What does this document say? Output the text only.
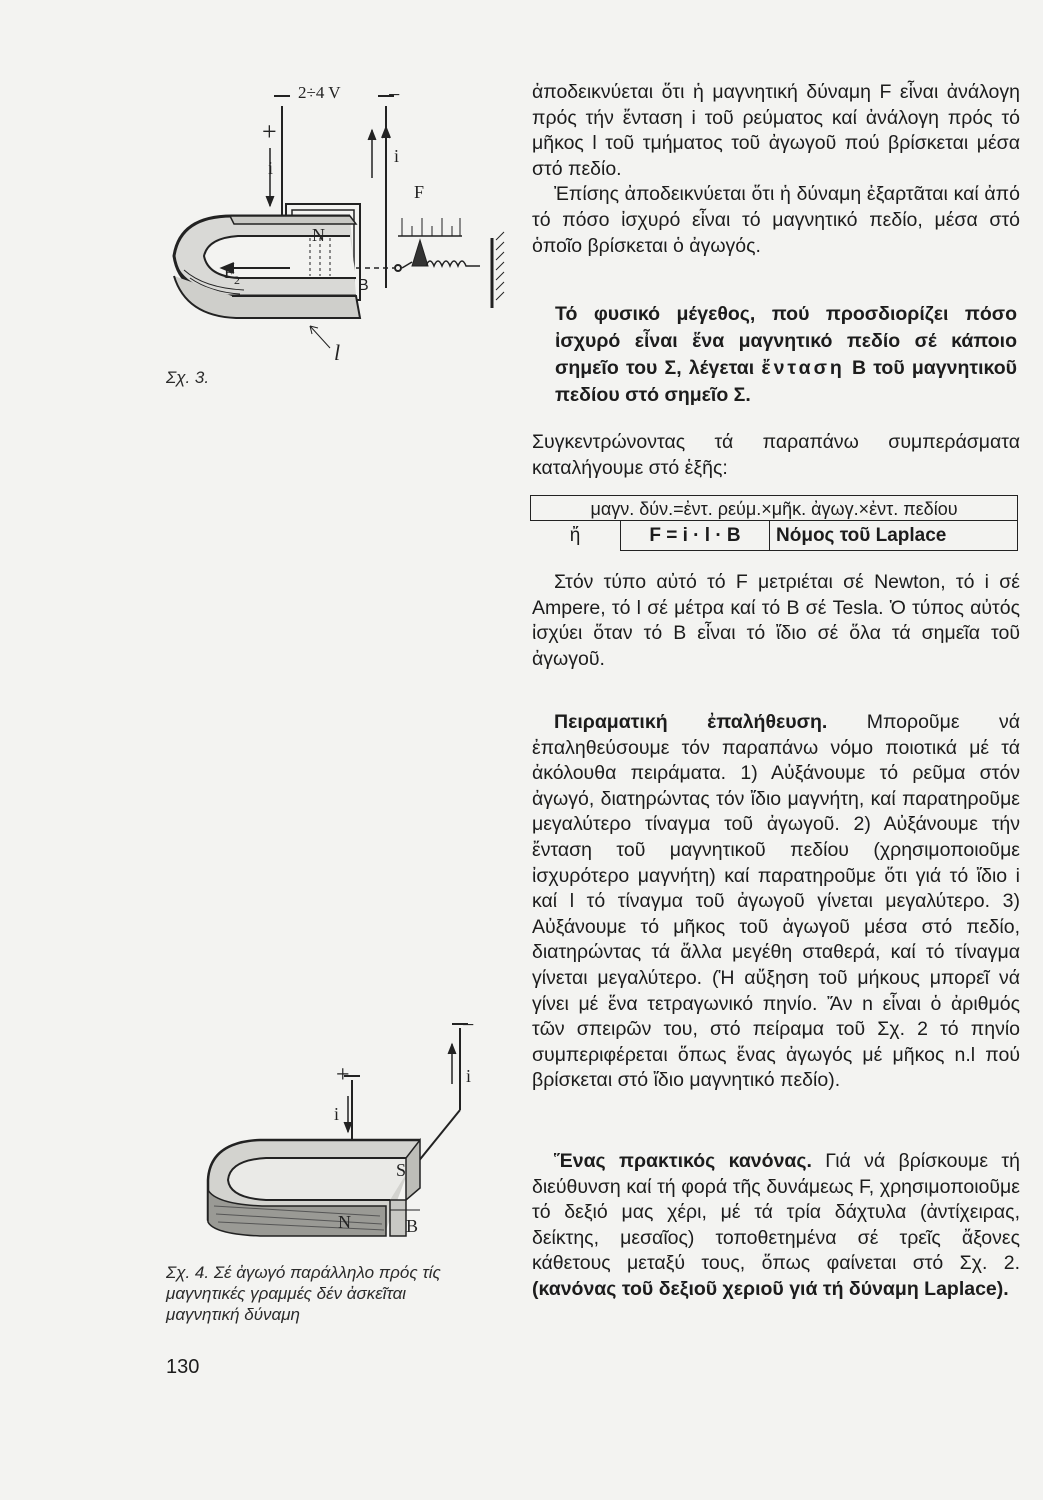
2÷4 V
+
−
i
i
F
N
F 2	B
l
Σχ. 3.
+
−
i
i
S
N	B
Σχ. 4. Σέ ἀγωγό παράλληλο πρός τίς
μαγνητικές γραμμές δέν ἀσκεῖται
μαγνητική δύναμη
130

ἀποδεικνύεται ὅτι ἡ μαγνητική δύναμη F εἶναι ἀνάλογη πρός τήν ἔνταση i τοῦ ρεύματος καί ἀνάλογη πρός τό μῆκος l τοῦ τμήματος τοῦ ἀγωγοῦ πού βρίσκεται μέσα στό πεδίο.

Ἐπίσης ἀποδεικνύεται ὅτι ἡ δύναμη ἐξαρτᾶται καί ἀπό τό πόσο ἰσχυρό εἶναι τό μαγνητικό πεδίο, μέσα στό ὁποῖο βρίσκεται ὁ ἀγωγός.

Τό φυσικό μέγεθος, πού προσδιορίζει πόσο ἰσχυρό εἶναι ἕνα μαγνητικό πεδίο σέ κάποιο σημεῖο του Σ, λέγεται ἔνταση B τοῦ μαγνητικοῦ πεδίου στό σημεῖο Σ.

Συγκεντρώνοντας τά παραπάνω συμπεράσματα καταλήγουμε στό ἑξῆς:

μαγν. δύν.=ἐντ. ρεύμ.×μῆκ. ἀγωγ.×ἐντ. πεδίου
ἤ	F = i · l · B	Νόμος τοῦ Laplace

Στόν τύπο αὐτό τό F μετριέται σέ Newton, τό i σέ Ampere, τό l σέ μέτρα καί τό B σέ Tesla. Ὁ τύπος αὐτός ἰσχύει ὅταν τό B εἶναι τό ἴδιο σέ ὅλα τά σημεῖα τοῦ ἀγωγοῦ.

Πειραματική ἐπαλήθευση. Μποροῦμε νά ἐπαληθεύσουμε τόν παραπάνω νόμο ποιοτικά μέ τά ἀκόλουθα πειράματα. 1) Αὐξάνουμε τό ρεῦμα στόν ἀγωγό, διατηρώντας τόν ἴδιο μαγνήτη, καί παρατηροῦμε μεγαλύτερο τίναγμα τοῦ ἀγωγοῦ. 2) Αὐξάνουμε τήν ἔνταση τοῦ μαγνητικοῦ πεδίου (χρησιμοποιοῦμε ἰσχυρότερο μαγνήτη) καί παρατηροῦμε ὅτι γιά τό ἴδιο i καί l τό τίναγμα τοῦ ἀγωγοῦ γίνεται μεγαλύτερο. 3) Αὐξάνουμε τό μῆκος τοῦ ἀγωγοῦ μέσα στό πεδίο, διατηρώντας τά ἄλλα μεγέθη σταθερά, καί τό τίναγμα γίνεται μεγαλύτερο. (Ἡ αὔξηση τοῦ μήκους μπορεῖ νά γίνει μέ ἕνα τετραγωνικό πηνίο. Ἄν n εἶναι ὁ ἀριθμός τῶν σπειρῶν του, στό πείραμα τοῦ Σχ. 2 τό πηνίο συμπεριφέρεται ὅπως ἕνας ἀγωγός μέ μῆκος n.l πού βρίσκεται στό ἴδιο μαγνητικό πεδίο).

Ἕνας πρακτικός κανόνας. Γιά νά βρίσκουμε τή διεύθυνση καί τή φορά τῆς δυνάμεως F, χρησιμοποιοῦμε τό δεξιό μας χέρι, μέ τά τρία δάχτυλα (ἀντίχειρας, δείκτης, μεσαῖος) τοποθετημένα σέ τρεῖς ἄξονες κάθετους μεταξύ τους, ὅπως φαίνεται στό Σχ. 2. (κανόνας τοῦ δεξιοῦ χεριοῦ γιά τή δύναμη Laplace).
